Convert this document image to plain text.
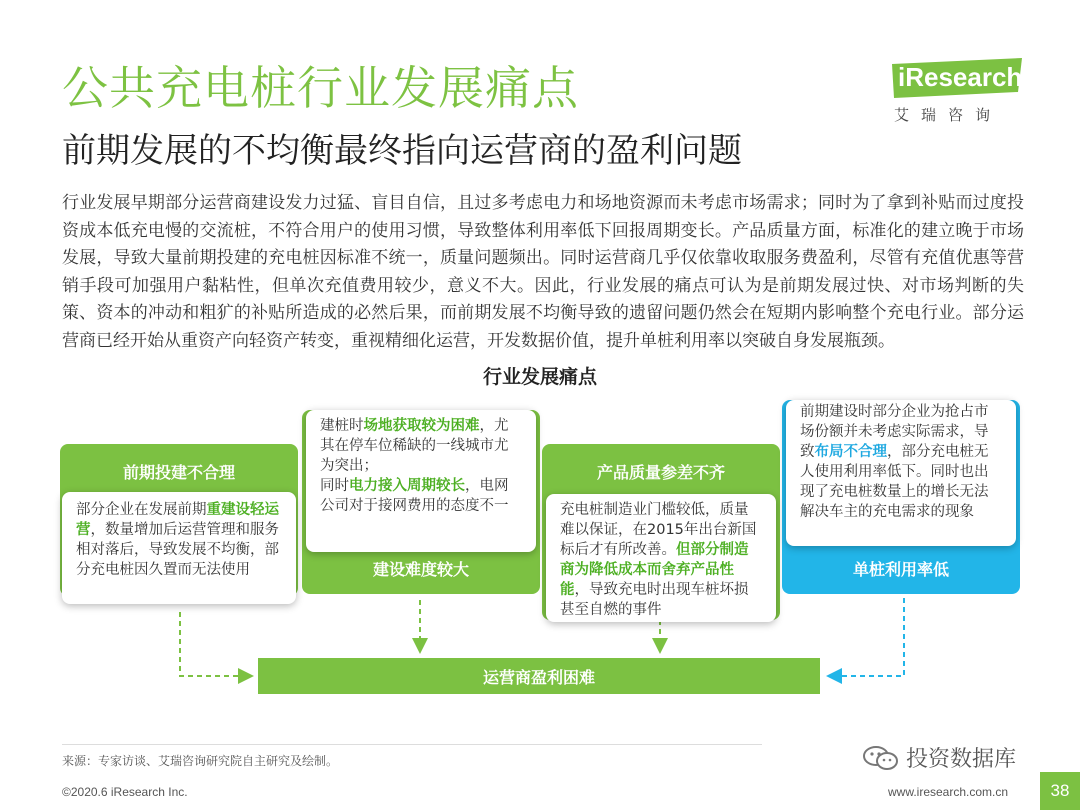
公共充电桩行业发展痛点
前期发展的不均衡最终指向运营商的盈利问题
iResearch
艾瑞咨询
行业发展早期部分运营商建设发力过猛、盲目自信，且过多考虑电力和场地资源而未考虑市场需求；同时为了拿到补贴而过度投资成本低充电慢的交流桩，不符合用户的使用习惯，导致整体利用率低下回报周期变长。产品质量方面，标准化的建立晚于市场发展，导致大量前期投建的充电桩因标准不统一，质量问题频出。同时运营商几乎仅依靠收取服务费盈利，尽管有充值优惠等营销手段可加强用户黏粘性，但单次充值费用较少，意义不大。因此，行业发展的痛点可认为是前期发展过快、对市场判断的失策、资本的冲动和粗犷的补贴所造成的必然后果，而前期发展不均衡导致的遗留问题仍然会在短期内影响整个充电行业。部分运营商已经开始从重资产向轻资产转变，重视精细化运营，开发数据价值，提升单桩利用率以突破自身发展瓶颈。
行业发展痛点
前期投建不合理
部分企业在发展前期重建设轻运营，数量增加后运营管理和服务相对落后，导致发展不均衡，部分充电桩因久置而无法使用	建设难度较大
建桩时场地获取较为困难，尤其在停车位稀缺的一线城市尤为突出；
同时电力接入周期较长，电网公司对于接网费用的态度不一
产品质量参差不齐
充电桩制造业门槛较低，质量难以保证，在2015年出台新国标后才有所改善。但部分制造商为降低成本而舍弃产品性能，导致充电时出现车桩坏损甚至自燃的事件
单桩利用率低
前期建设时部分企业为抢占市场份额并未考虑实际需求，导致布局不合理，部分充电桩无人使用利用率低下。同时也出现了充电桩数量上的增长无法解决车主的充电需求的现象
运营商盈利困难
来源：专家访谈、艾瑞咨询研究院自主研究及绘制。
©2020.6 iResearch Inc.	www.iresearch.com.cn	38
投资数据库
